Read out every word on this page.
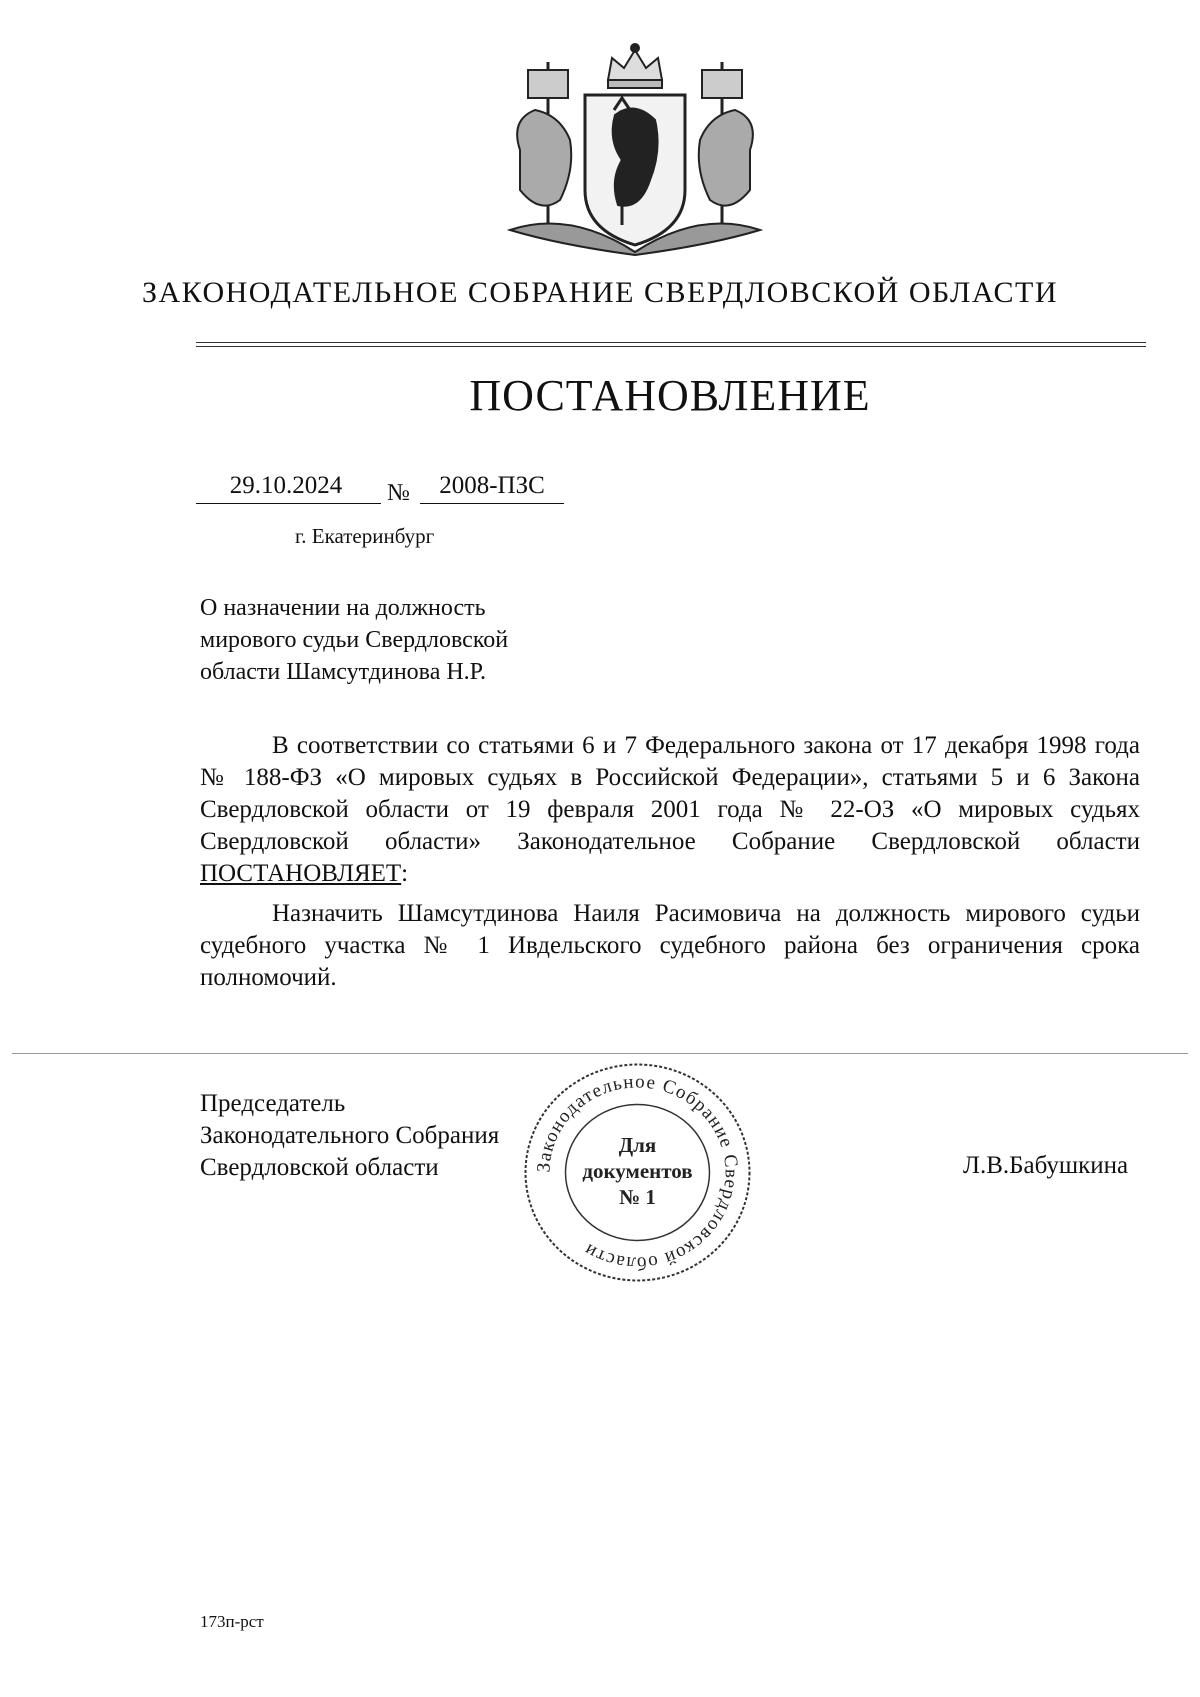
ЗАКОНОДАТЕЛЬНОЕ СОБРАНИЕ СВЕРДЛОВСКОЙ ОБЛАСТИ
ПОСТАНОВЛЕНИЕ
29.10.2024	№	2008-ПЗС
г. Екатеринбург
О назначении на должность
мирового судьи Свердловской
области Шамсутдинова Н.Р.

В соответствии со статьями 6 и 7 Федерального закона от 17 декабря 1998 года № 188-ФЗ «О мировых судьях в Российской Федерации», статьями 5 и 6 Закона Свердловской области от 19 февраля 2001 года № 22-ОЗ «О мировых судьях Свердловской области» Законодательное Собрание Свердловской области ПОСТАНОВЛЯЕТ:

Назначить Шамсутдинова Наиля Расимовича на должность мирового судьи судебного участка № 1 Ивдельского судебного района без ограничения срока полномочий.

Председатель
Законодательного Собрания
Свердловской области	Законодательное Собрание Свердловской области
Для
документов
№ 1
Л.В.Бабушкина
173п-рст
